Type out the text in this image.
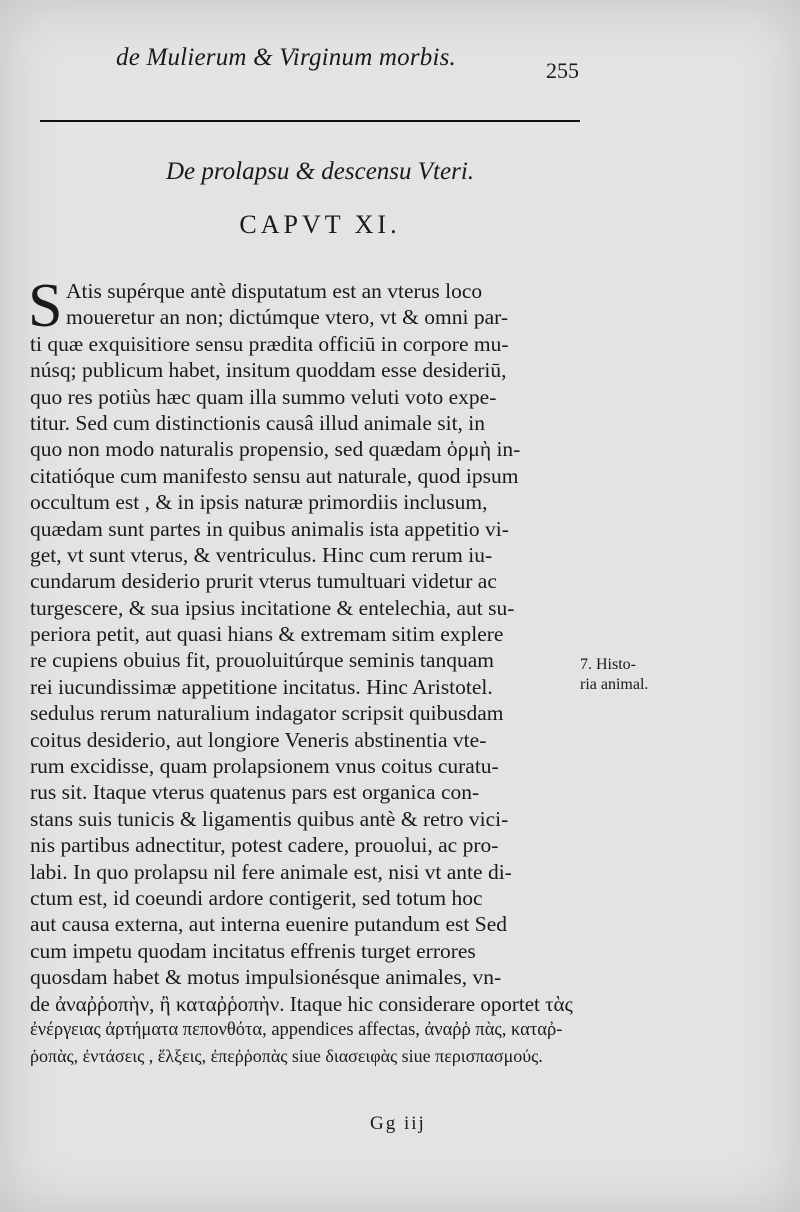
de Mulierum & Virginum morbis.	255
De prolapsu & descensu Vteri.
CAPVT XI.
S Atis supérque antè disputatum est an vterus loco
moueretur an non; dictúmque vtero, vt & omni par-
ti quæ exquisitiore sensu prædita officiū in corpore mu-
núsq; publicum habet, insitum quoddam esse desideriū,
quo res potiùs hæc quam illa summo veluti voto expe-
titur. Sed cum distinctionis causâ illud animale sit, in
quo non modo naturalis propensio, sed quædam ὁρμὴ in-
citatióque cum manifesto sensu aut naturale, quod ipsum
occultum est , & in ipsis naturæ primordiis inclusum,
quædam sunt partes in quibus animalis ista appetitio vi-
get, vt sunt vterus, & ventriculus. Hinc cum rerum iu-
cundarum desiderio prurit vterus tumultuari videtur ac
turgescere, & sua ipsius incitatione & entelechia, aut su-
periora petit, aut quasi hians & extremam sitim explere
re cupiens obuius fit, prouoluitúrque seminis tanquam
rei iucundissimæ appetitione incitatus. Hinc Aristotel.
sedulus rerum naturalium indagator scripsit quibusdam
coitus desiderio, aut longiore Veneris abstinentia vte-
rum excidisse, quam prolapsionem vnus coitus curatu-
rus sit. Itaque vterus quatenus pars est organica con-
stans suis tunicis & ligamentis quibus antè & retro vici-
nis partibus adnectitur, potest cadere, prouolui, ac pro-
labi. In quo prolapsu nil fere animale est, nisi vt ante di-
ctum est, id coeundi ardore contigerit, sed totum hoc
aut causa externa, aut interna euenire putandum est Sed
cum impetu quodam incitatus effrenis turget errores
quosdam habet & motus impulsionésque animales, vn-
de ἀναῤῥοπὴν, ἢ καταῤῥοπὴν. Itaque hic considerare oportet τὰς
ἐνέργειας ἀρτήματα πεπονθότα, appendices affectas, ἀναῤῥ πὰς, καταῤ-
ῥοπὰς, ἐντάσεις , ἕλξεις, ἐπεῤῥοπὰς siue διασειφὰς siue περισπασμούς.
7. Histo-
ria animal.
Gg iij
